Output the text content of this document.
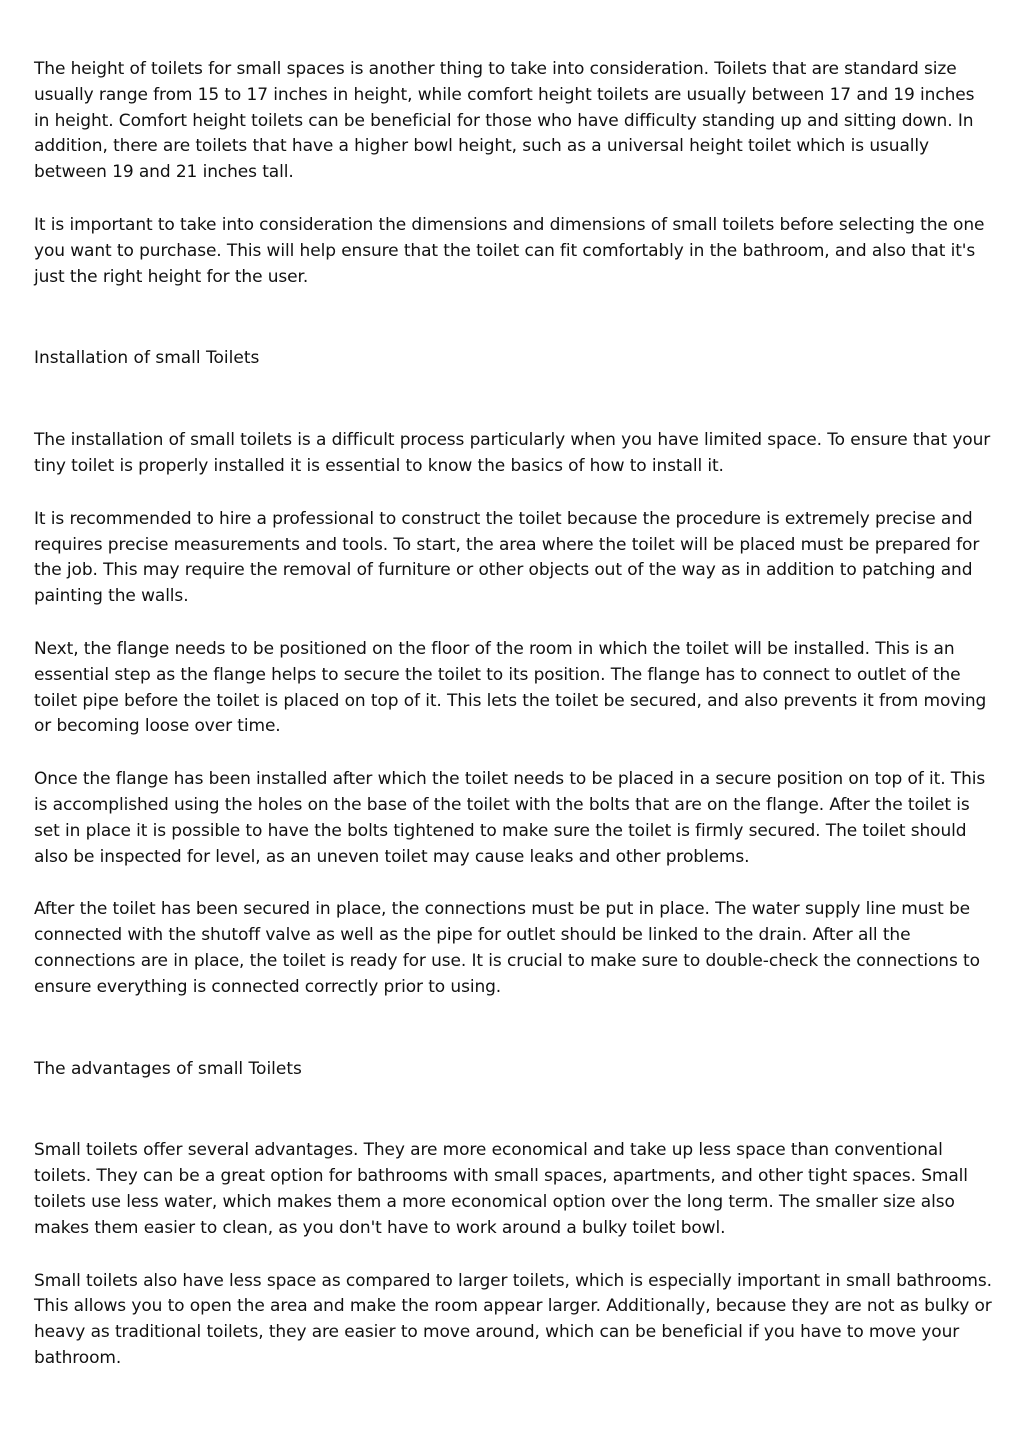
The height of toilets for small spaces is another thing to take into consideration. Toilets that are standard size usually range from 15 to 17 inches in height, while comfort height toilets are usually between 17 and 19 inches in height. Comfort height toilets can be beneficial for those who have difficulty standing up and sitting down. In addition, there are toilets that have a higher bowl height, such as a universal height toilet which is usually between 19 and 21 inches tall.

It is important to take into consideration the dimensions and dimensions of small toilets before selecting the one you want to purchase. This will help ensure that the toilet can fit comfortably in the bathroom, and also that it's just the right height for the user.

Installation of small Toilets

The installation of small toilets is a difficult process particularly when you have limited space. To ensure that your tiny toilet is properly installed it is essential to know the basics of how to install it.

It is recommended to hire a professional to construct the toilet because the procedure is extremely precise and requires precise measurements and tools. To start, the area where the toilet will be placed must be prepared for the job. This may require the removal of furniture or other objects out of the way as in addition to patching and painting the walls.

Next, the flange needs to be positioned on the floor of the room in which the toilet will be installed. This is an essential step as the flange helps to secure the toilet to its position. The flange has to connect to outlet of the toilet pipe before the toilet is placed on top of it. This lets the toilet be secured, and also prevents it from moving or becoming loose over time.

Once the flange has been installed after which the toilet needs to be placed in a secure position on top of it. This is accomplished using the holes on the base of the toilet with the bolts that are on the flange. After the toilet is set in place it is possible to have the bolts tightened to make sure the toilet is firmly secured. The toilet should also be inspected for level, as an uneven toilet may cause leaks and other problems.

After the toilet has been secured in place, the connections must be put in place. The water supply line must be connected with the shutoff valve as well as the pipe for outlet should be linked to the drain. After all the connections are in place, the toilet is ready for use. It is crucial to make sure to double-check the connections to ensure everything is connected correctly prior to using.

The advantages of small Toilets

Small toilets offer several advantages. They are more economical and take up less space than conventional toilets. They can be a great option for bathrooms with small spaces, apartments, and other tight spaces. Small toilets use less water, which makes them a more economical option over the long term. The smaller size also makes them easier to clean, as you don't have to work around a bulky toilet bowl.

Small toilets also have less space as compared to larger toilets, which is especially important in small bathrooms. This allows you to open the area and make the room appear larger. Additionally, because they are not as bulky or heavy as traditional toilets, they are easier to move around, which can be beneficial if you have to move your bathroom.
